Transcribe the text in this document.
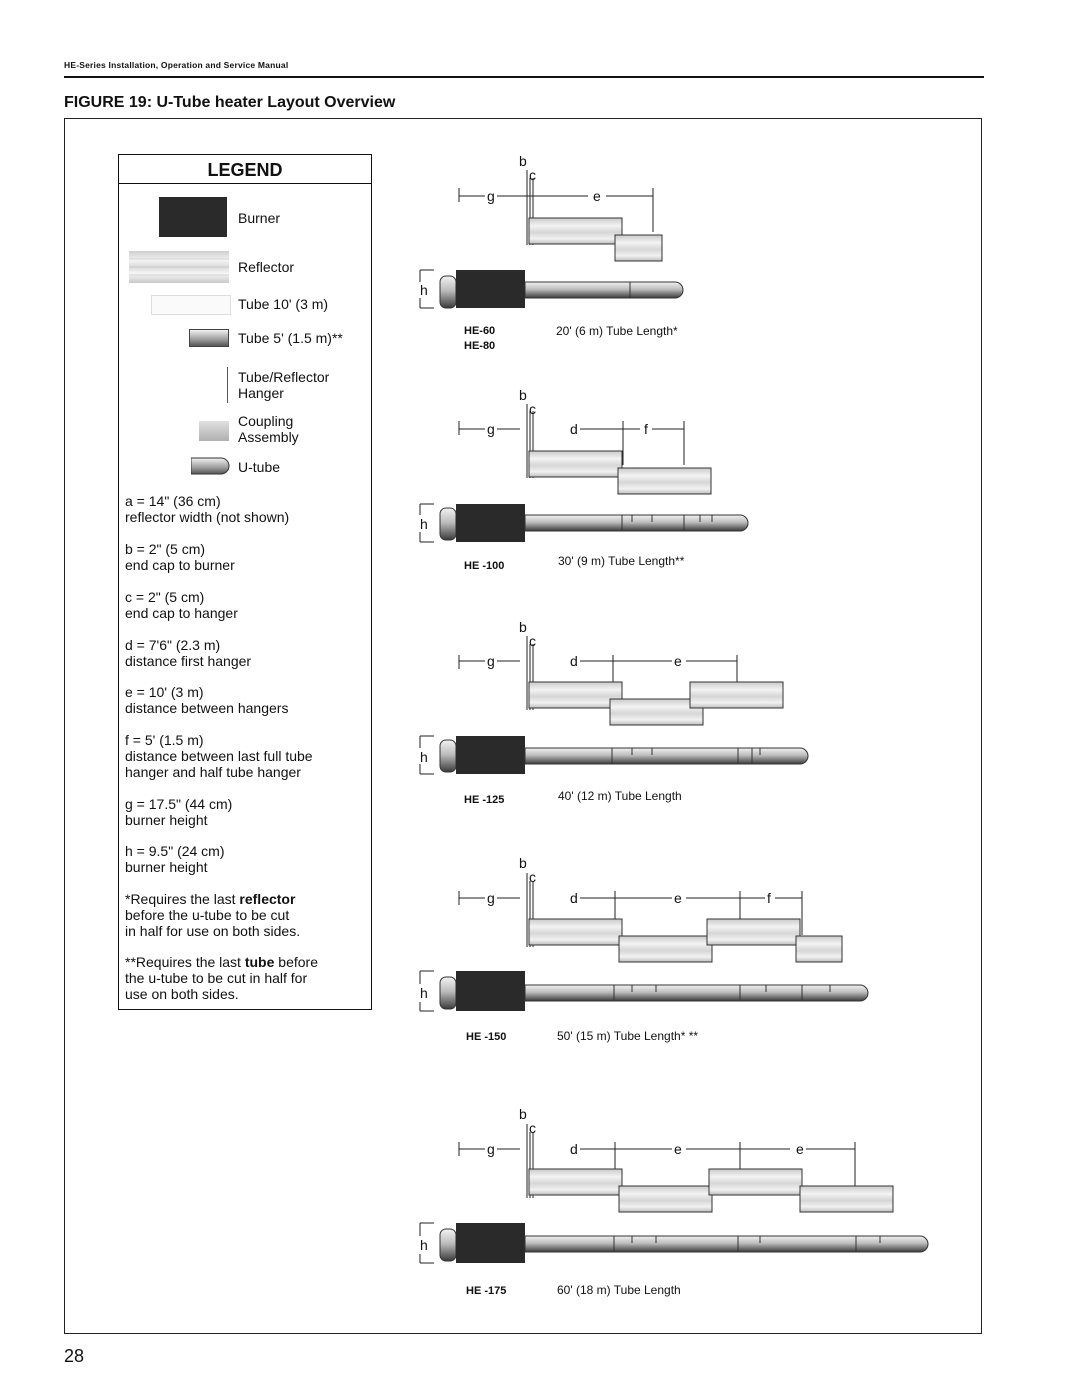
HE-Series Installation, Operation and Service Manual
FIGURE 19: U-Tube heater Layout Overview
LEGEND
Burner
Reflector
Tube 10' (3 m)
Tube 5' (1.5 m)**
Tube/Reflector
Hanger
Coupling
Assembly
U-tube
a = 14" (36 cm)
reflector width (not shown)
b = 2" (5 cm)
end cap to burner
c = 2" (5 cm)
end cap to hanger
d = 7'6" (2.3 m)
distance first hanger
e = 10' (3 m)
distance between hangers
f = 5' (1.5 m)
distance between last full tube
hanger and half tube hanger
g = 17.5" (44 cm)
burner height
h = 9.5" (24 cm)
burner height
*Requires the last reflector
before the u-tube to be cut
in half for use on both sides.
**Requires the last tube before
the u-tube to be cut in half for
use on both sides.
b
c
g	e
h
HE-60
HE-80
20' (6 m) Tube Length*
b
c
g	d	f
h
HE -100	30' (9 m) Tube Length**
b
c
g	d	e
h
HE -125	40' (12 m) Tube Length
b
c
g	d	e	f
h
HE -150	50' (15 m) Tube Length* **
b
c
g	d	e	e
h
HE -175	60' (18 m) Tube Length
28
